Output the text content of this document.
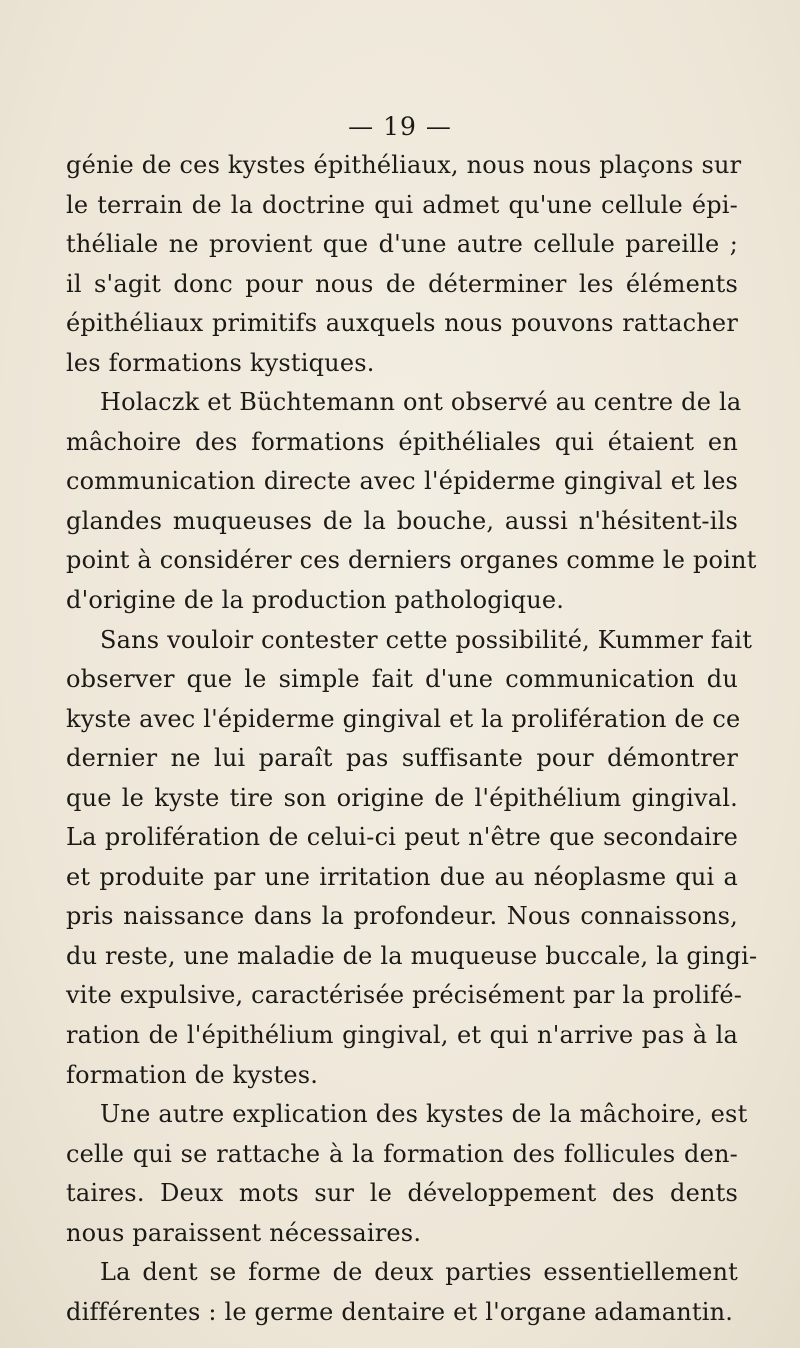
— 19 —
génie de ces kystes épithéliaux, nous nous plaçons sur
le terrain de la doctrine qui admet qu'une cellule épi-
théliale ne provient que d'une autre cellule pareille ;
il s'agit donc pour nous de déterminer les éléments
épithéliaux primitifs auxquels nous pouvons rattacher
les formations kystiques.
Holaczk et Büchtemann ont observé au centre de la
mâchoire des formations épithéliales qui étaient en
communication directe avec l'épiderme gingival et les
glandes muqueuses de la bouche, aussi n'hésitent-ils
point à considérer ces derniers organes comme le point
d'origine de la production pathologique.
Sans vouloir contester cette possibilité, Kummer fait
observer que le simple fait d'une communication du
kyste avec l'épiderme gingival et la prolifération de ce
dernier ne lui paraît pas suffisante pour démontrer
que le kyste tire son origine de l'épithélium gingival.
La prolifération de celui-ci peut n'être que secondaire
et produite par une irritation due au néoplasme qui a
pris naissance dans la profondeur. Nous connaissons,
du reste, une maladie de la muqueuse buccale, la gingi-
vite expulsive, caractérisée précisément par la prolifé-
ration de l'épithélium gingival, et qui n'arrive pas à la
formation de kystes.
Une autre explication des kystes de la mâchoire, est
celle qui se rattache à la formation des follicules den-
taires. Deux mots sur le développement des dents
nous paraissent nécessaires.
La dent se forme de deux parties essentiellement
différentes : le germe dentaire et l'organe adamantin.
